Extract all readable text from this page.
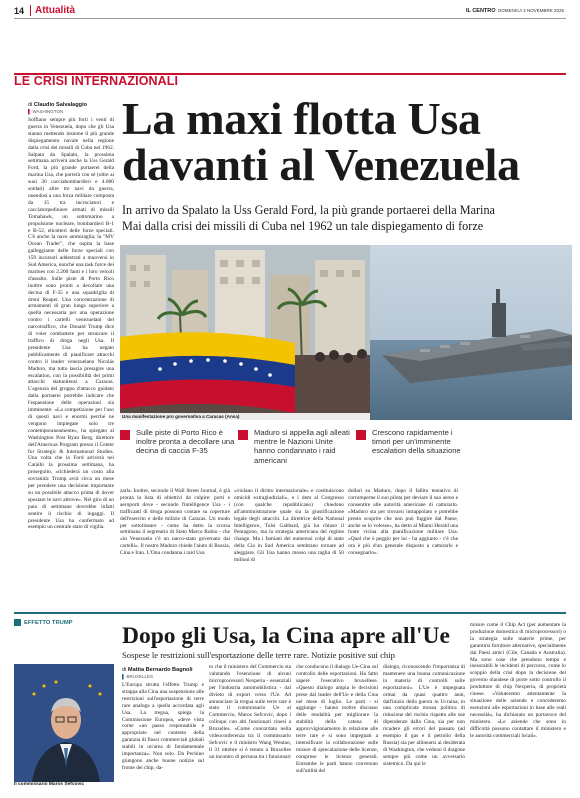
14	Attualità	IL CENTRO DOMENICA 2 NOVEMBRE 2025
LE CRISI INTERNAZIONALI
di Claudio Salvalaggio
▌ WASHINGTON
Soffiano sempre più forti i venti di guerra in Venezuela, dopo che gli Usa stanno mettendo insieme il più grande dispiegamento navale nella regione dalla crisi dei missili di Cuba nel 1962. Salpata da Spalato, la prossima settimana arriverà anche la Uss Gerald Ford, la più grande portaerei della marina Usa, che porterà con sé (oltre ai suoi 30 cacciabombardieri e 4.000 soldati) altre tre navi da guerra, unendosi a una forza militare composta da 15 tra incrociatori e cacciatorpediniere armati di missili Tomahawk, un sottomarino a propulsione nucleare, bombardieri B-1 e B-52, elicotteri delle forze speciali. C'è anche la nave ammiraglia, la "MV Ocean Trader", che ospita la base galleggiante delle forze speciali con 159 incursori addestrati a muoversi in Sud America, nonché una task force dei marines con 2.200 fanti e i loro veicoli d'assalto. Sulle piste di Porto Rico inoltre sono pronti a decollare una decina di F-35 e una squadriglia di droni Reaper. Una concentrazione di armamenti di gran lunga superiore a quella necessaria per una operazione contro i cartelli venezuelani del narcotraffico, che Donald Trump dice di voler combattere per stroncare il traffico di droga negli Usa. Il presidente Usa ha negato pubblicamente di pianificare attacchi contro il leader venezuelano Nicolás Maduro, ma tutto lascia presagire una escalation, con la possibilità dei primi attacchi statunitensi a Caracas. L'agenzia del gruppo d'attacco guidato dalla portaerei potrebbe indicare che l'espansione delle operazioni sia imminente: «La competizione per l'uso di questi navi e enormi perché ne vengono impiegate solo tre contemporaneamente», ha spiegato al Washington Post Ryan Berg, direttore dell'Americas Program presso il Center for Strategic & International Studies. Una volta che la Ford arriverà nei Caraibi la prossima settimana, ha proseguito, «richiederà un costo alla sovranità: Trump avrà circa un mese per prendere una decisione importante su un possibile attacco prima di dover spostare le navi altrove». Nel giro di un paio di settimane dovrebbe infatti sentire il rischio di ingaggi. Il presidente Usa ha confermato ad esempio un centrale stato di vigilia.
La maxi flotta Usa
davanti al Venezuela
In arrivo da Spalato la Uss Gerald Ford, la più grande portaerei della Marina
Mai dalla crisi dei missili di Cuba nel 1962 un tale dispiegamento di forze
Una manifestazione pro governativa a Caracas (Ansa)
Sulle piste di Porto Rico è inoltre pronta a decollare una decina di caccia F-35
Maduro si appella agli alleati mentre le Nazioni Unite hanno condannato i raid americani
Crescono rapidamente i timori per un'imminente escalation della situazione
zarla. Inoltre, secondo il Wall Street Journal, è già pronta la lista di obiettivi da colpire: porti e aeroporti dove - secondo l'intelligence Usa - i trafficanti di droga possono contare su coperture dell'esercito e delle milizie di Caracas. Un modo per sottolineare - come ha detto la scorsa settimana il segretario di Stato Marco Rubio - che «in Venezuela c'è un narco-stato governato dai cartelli». Il nostro Maduro chiede l'aiuto di Russia, Cina e Iran. L'Onu condanna i raid Usa
«violano il diritto internazionale» e costituiscono omicidi extragiudiziali», e i dem al Congresso (con qualche repubblicano) chiedono all'amministrazione quale sia la giustificazione legale degli attacchi. La direttrice della National Intelligence, Tulsi Gabbard, già ha chiuso il Pentagono, ma la strategia americana del regime change. Ma i famiani dei numerosi colpi di stato della Cia in Sud America sembrano tornare ad aleggiare. Gli Usa hanno mosso una taglia di 50 milioni di
dollari su Maduro, dopo il fallito tentativo di corromperne il suo pilota per deviare il suo aereo e consentire alle autorità americane di catturarlo. «Maduro sta per trovarsi intrappolato e potrebbe presto scoprire che non può fuggire dal Paese, anche se lo volesse», ha detto al Miami Herald una fonte vicina alla pianificazione militare Usa. «Qual che è peggio per lui - ha aggiunto - c'è che ora è più d'un generale disposto a catturarlo e consegnarlo».
EFFETTO TRUMP
Dopo gli Usa, la Cina apre all'Ue
Sospese le restrizioni sull'esportazione delle terre rare. Notizie positive sui chip
Il commissario Maros Sefcovic
di Mattia Bernardo Bagnoli
▌ BRUXELLES
L'Europa strutta l'effetto Trump e strappa alla Cina una sospensione alle restrizioni sull'esportazione di terre rare analoga a quella accordata agli Usa. La tregua, spiega la Commissione Europea, «deve vista come «un passo responsabile e appropriato nel contesto della garanzia di flussi commerciali globali stabili in un'area di fondamentale importanza». Non solo. Da Pechino giungono anche buone notizie sul fronte dei chip, da-
to che il ministero del Commercio sta valutando l'esenzione di alcuni microprocessori Nexperia - essenziali per l'industria automobilistica - dal divieto di export verso l'Ue. Ad annunciare la tregua sulle terre rare è stato il commissario Ue al Commercio, Maros Sefcovic, dopo i colloqui con alti funzionari cinesi a Bruxelles. «Come concordato nella videoconferenza tra il commissario Sefcovic e il ministro Wang Wentao, il 31 ottobre si è tenuto a Bruxelles un incontro di persona tra i funzionari
che conducono il dialogo Ue-Cina sul controllo delle esportazioni. Ha fatto sapere l'esecutivo bruxellese. «Questo dialogo ampia le decisioni prese dal leader dell'Ue e della Cina nel mese di luglio. Le parti - si aggiunge - hanno inoltre discusso delle modalità per migliorare la stabilità della catena di approvvigionamento in relazione alle terre rare e si sono impegnati a intensificare la collaborazione sulle misure di sprecalazione delle licenze, comprese le licenze generali. Entrambe le parti hanno convenuto sull'utilità del
dialogo, riconoscendo l'importanza di mantenere una buona comunicazione in materia di controlli sulle esportazioni». L'Ue è impegnata ormai da quasi quattro anni, dall'inizio della guerra in Ucraina, in una complicata mossa politica di riduzione del rischio rispetto alle sue dipendenze dalla Cina, sia per non ricadere gli errori del passato (ad esempio il gas e il petrolio della Russia) sia per allinearsi ai desiderata di Washington, che vedono il dragone sempre più come un avversario sistemico. Da qui le
misure come il Chip Act (per aumentare la produzione domestica di microprocessori) o la strategia sulle materie prime, per garantirsi forniture alternative, specialmente dai Paesi amici (Cile, Canada e Australia). Ma sono cose che prendono tempo e inesorabili le incidenti di percorso, come lo scoppio della crisi dopo la decisione del governo olandese di porre sotto controllo il produttore di chip Nexperia, di proprietà cinese. «Valuteremo attentamente la situazione delle aziende e concederemo esenzioni alle esportazioni in base alle reali necessità», ha dichiarato un portavoce del ministero. «Le aziende che sono in difficoltà possono contattare il ministero e le autorità commerciali locali».
